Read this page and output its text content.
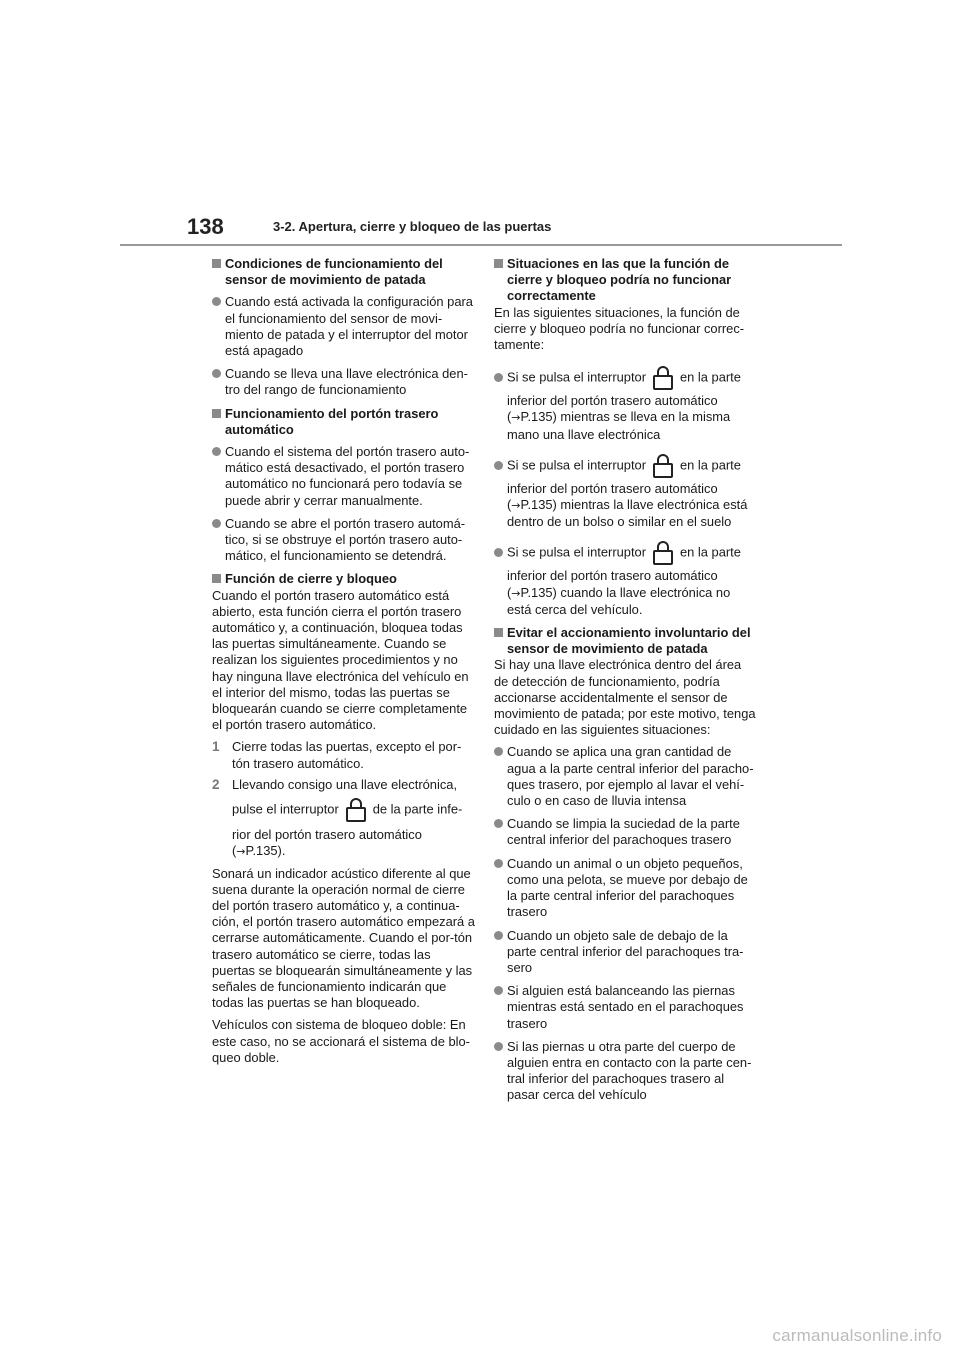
138	3-2. Apertura, cierre y bloqueo de las puertas
Condiciones de funcionamiento del sensor de movimiento de patada
Cuando está activada la configuración para el funcionamiento del sensor de movi-miento de patada y el interruptor del motor está apagado
Cuando se lleva una llave electrónica den-tro del rango de funcionamiento
Funcionamiento del portón trasero automático
Cuando el sistema del portón trasero auto-mático está desactivado, el portón trasero automático no funcionará pero todavía se puede abrir y cerrar manualmente.
Cuando se abre el portón trasero automá-tico, si se obstruye el portón trasero auto-mático, el funcionamiento se detendrá.
Función de cierre y bloqueo
Cuando el portón trasero automático está abierto, esta función cierra el portón trasero automático y, a continuación, bloquea todas las puertas simultáneamente. Cuando se realizan los siguientes procedimientos y no hay ninguna llave electrónica del vehículo en el interior del mismo, todas las puertas se bloquearán cuando se cierre completamente el portón trasero automático.
1 Cierre todas las puertas, excepto el por-tón trasero automático.
2 Llevando consigo una llave electrónica,
pulse el interruptor	de la parte infe-
rior del portón trasero automático
(→P.135).
Sonará un indicador acústico diferente al que suena durante la operación normal de cierre del portón trasero automático y, a continua-ción, el portón trasero automático empezará a cerrarse automáticamente. Cuando el por-tón trasero automático se cierre, todas las puertas se bloquearán simultáneamente y las señales de funcionamiento indicarán que todas las puertas se han bloqueado.
Vehículos con sistema de bloqueo doble: En este caso, no se accionará el sistema de blo-queo doble.
Situaciones en las que la función de cierre y bloqueo podría no funcionar correctamente
En las siguientes situaciones, la función de cierre y bloqueo podría no funcionar correc-tamente:
Si se pulsa el interruptor	en la parte
inferior del portón trasero automático
(→P.135) mientras se lleva en la misma mano una llave electrónica
Si se pulsa el interruptor	en la parte
inferior del portón trasero automático
(→P.135) mientras la llave electrónica está dentro de un bolso o similar en el suelo
Si se pulsa el interruptor	en la parte
inferior del portón trasero automático
(→P.135) cuando la llave electrónica no está cerca del vehículo.
Evitar el accionamiento involuntario del sensor de movimiento de patada
Si hay una llave electrónica dentro del área de detección de funcionamiento, podría accionarse accidentalmente el sensor de movimiento de patada; por este motivo, tenga cuidado en las siguientes situaciones:
Cuando se aplica una gran cantidad de agua a la parte central inferior del paracho-ques trasero, por ejemplo al lavar el vehí-culo o en caso de lluvia intensa
Cuando se limpia la suciedad de la parte central inferior del parachoques trasero
Cuando un animal o un objeto pequeños, como una pelota, se mueve por debajo de la parte central inferior del parachoques trasero
Cuando un objeto sale de debajo de la parte central inferior del parachoques tra-sero
Si alguien está balanceando las piernas mientras está sentado en el parachoques trasero
Si las piernas u otra parte del cuerpo de alguien entra en contacto con la parte cen-tral inferior del parachoques trasero al pasar cerca del vehículo
carmanualsonline.info
